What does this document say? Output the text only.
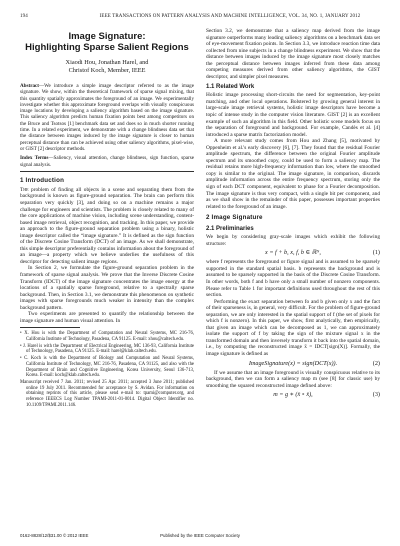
194	IEEE TRANSACTIONS ON PATTERN ANALYSIS AND MACHINE INTELLIGENCE, VOL. 34, NO. 1, JANUARY 2012
Image Signature:
Highlighting Sparse Salient Regions
Xiaodi Hou, Jonathan Harel, and
Christof Koch, Member, IEEE
Abstract—We introduce a simple image descriptor referred to as the image signature. We show, within the theoretical framework of sparse signal mixing, that this quantity spatially approximates the foreground of an image. We experimentally investigate whether this approximate foreground overlaps with visually conspicuous image locations by developing a saliency algorithm based on the image signature. This saliency algorithm predicts human fixation points best among competitors on the Bruce and Tsotsos [1] benchmark data set and does so in much shorter running time. In a related experiment, we demonstrate with a change blindness data set that the distance between images induced by the image signature is closer to human perceptual distance than can be achieved using other saliency algorithms, pixel-wise, or GIST [2] descriptor methods.
Index Terms—Saliency, visual attention, change blindness, sign function, sparse signal analysis.
1 Introduction

The problem of finding all objects in a scene and separating them from the background is known as figure-ground separation. The brain can perform this separation very quickly [3], and doing so on a machine remains a major challenge for engineers and scientists. The problem is closely related to many of the core applications of machine vision, including scene understanding, content-based image retrieval, object recognition, and tracking. In this paper, we provide an approach to the figure-ground separation problem using a binary, holistic image descriptor called the “image signature.” It is defined as the sign function of the Discrete Cosine Transform (DCT) of an image. As we shall demonstrate, this simple descriptor preferentially contains information about the foreground of an image—a property which we believe underlies the usefulness of this descriptor for detecting salient image regions.

In Section 2, we formulate the figure-ground separation problem in the framework of sparse signal analysis. We prove that the Inverse Discrete Cosine Transform (IDCT) of the image signature concentrates the image energy at the locations of a spatially sparse foreground, relative to a spectrally sparse background. Then, in Section 3.1, we demonstrate this phenomenon on synthetic images with sparse foregrounds much weaker in intensity than the complex background pattern.

Two experiments are presented to quantify the relationship between the image signature and human visual attention. In

• X. Hou is with the Department of Computation and Neural Systems, MC 216-76, California Institute of Technology, Pasadena, CA 91125. E-mail: xhou@caltech.edu.
• J. Harel is with the Department of Electrical Engineering, MC 136-93, California Institute of Technology, Pasadena, CA 91125. E-mail: harel@klab.caltech.edu.
• C. Koch is with the Department of Biology and Computation and Neural Systems, California Institute of Technology, MC 216-76, Pasadena, CA 91125, and also with the Department of Brain and Cognitive Engineering, Korea University, Seoul 136-713, Korea. E-mail: koch@klab.caltech.edu.
Manuscript received 7 Jan. 2011; revised 25 Apr. 2011; accepted 3 June 2011; published online 19 July 2011. Recommended for acceptance by S. Avidan. For information on obtaining reprints of this article, please send e-mail to: tpami@computer.org, and reference IEEECS Log Number TPAMI-2011-01-0014. Digital Object Identifier no. 10.1109/TPAMI.2011.146.

Section 3.2, we demonstrate that a saliency map derived from the image signature outperforms many leading saliency algorithms on a benchmark data set of eye-movement fixation points. In Section 3.3, we introduce reaction time data collected from nine subjects in a change blindness experiment. We show that the distance between images induced by the image signature most closely matches the perceptual distance between images inferred from these data among competing measures derived from other saliency algorithms, the GIST descriptor, and simpler pixel measures.

1.1 Related Work

Holistic image processing short-circuits the need for segmentation, key-point matching, and other local operations. Bolstered by growing general interest in large-scale image retrieval systems, holistic image descriptors have become a topic of intense study in the computer vision literature. GIST [2] is an excellent example of such an algorithm in this field. Other holistic scene models focus on the separation of foreground and background. For example, Candès et al. [4] introduced a sparse matrix factorization model.

A more relevant study comes from Hou and Zhang [5], motivated by Oppenheim et al.'s early discovery [6], [7]. They found that the residual Fourier amplitude spectrum, the difference between the original Fourier amplitude spectrum and its smoothed copy, could be used to form a saliency map. The residual retains more high-frequency information than low, where the smoothed copy is similar to the original. The image signature, in comparison, discards amplitude information across the entire frequency spectrum, storing only the sign of each DCT component, equivalent to phase for a Fourier decomposition. The image signature is thus very compact, with a single bit per component, and as we shall show in the remainder of this paper, possesses important properties related to the foreground of an image.

2 Image Signature
2.1 Preliminaries

We begin by considering gray-scale images which exhibit the following structure:

x = f + b, x, f, b ∈ ℝᴺ,	(1)

where f represents the foreground or figure signal and is assumed to be sparsely supported in the standard spatial basis. b represents the background and is assumed to be sparsely supported in the basis of the Discrete Cosine Transform. In other words, both f and b have only a small number of nonzero components. Please refer to Table 1 for important definitions used throughout the rest of this section.

Performing the exact separation between fo and b given only x and the fact of their sparseness is, in general, very difficult. For the problem of figure-ground separation, we are only interested in the spatial support of f (the set of pixels for which f is nonzero). In this paper, we show, first analytically, then empirically, that given an image which can be decomposed as 1, we can approximately isolate the support of f by taking the sign of the mixture signal x in the transformed domain and then inversely transform it back into the spatial domain, i.e., by computing the reconstructed image x̄ = IDCT[sign(X)]. Formally, the image signature is defined as

ImageSignature(x) = sign(DCT(x)).	(2)

If we assume that an image foreground is visually conspicuous relative to its background, then we can form a saliency map m (see [8] for classic use) by smoothing the squared reconstructed image defined above:

m = g ∗ (x̄ ∘ x̄),	(3)
0162-8828/12/$31.00 © 2012 IEEE	Published by the IEEE Computer Society
